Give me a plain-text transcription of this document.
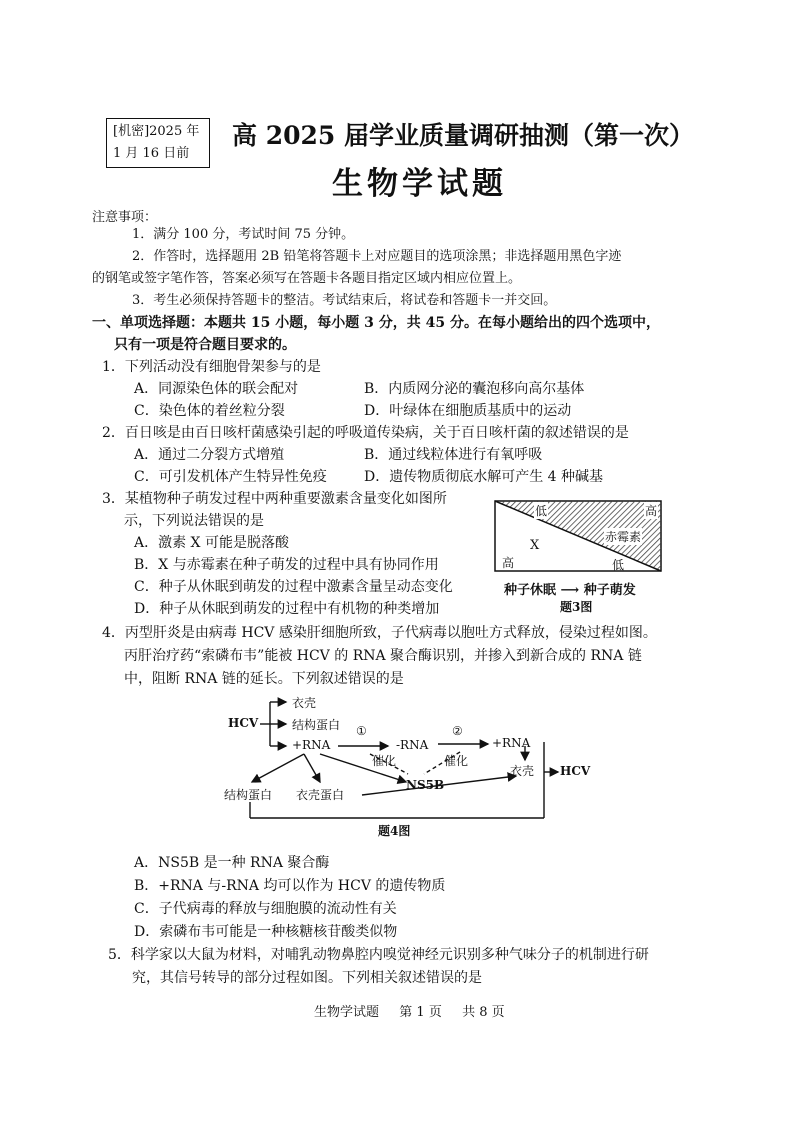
[机密]2025 年
1 月 16 日前
高 2025 届学业质量调研抽测（第一次）
生物学试题
注意事项：
1．满分 100 分，考试时间 75 分钟。
2．作答时，选择题用 2B 铅笔将答题卡上对应题目的选项涂黑；非选择题用黑色字迹
的钢笔或签字笔作答，答案必须写在答题卡各题目指定区域内相应位置上。
3．考生必须保持答题卡的整洁。考试结束后，将试卷和答题卡一并交回。
一、单项选择题：本题共 15 小题，每小题 3 分，共 45 分。在每小题给出的四个选项中，
只有一项是符合题目要求的。
1．下列活动没有细胞骨架参与的是
A．同源染色体的联会配对	B．内质网分泌的囊泡移向高尔基体
C．染色体的着丝粒分裂	D．叶绿体在细胞质基质中的运动
2．百日咳是由百日咳杆菌感染引起的呼吸道传染病，关于百日咳杆菌的叙述错误的是
A．通过二分裂方式增殖	B．通过线粒体进行有氧呼吸
C．可引发机体产生特异性免疫	D．遗传物质彻底水解可产生 4 种碱基
3．某植物种子萌发过程中两种重要激素含量变化如图所
示，下列说法错误的是
A．激素 X 可能是脱落酸
B．X 与赤霉素在种子萌发的过程中具有协同作用
C．种子从休眠到萌发的过程中激素含量呈动态变化
D．种子从休眠到萌发的过程中有机物的种类增加
低	高
赤霉素
X
高	低
种子休眠 ⟶ 种子萌发
题3图
4．丙型肝炎是由病毒 HCV 感染肝细胞所致，子代病毒以胞吐方式释放，侵染过程如图。
丙肝治疗药“索磷布韦”能被 HCV 的 RNA 聚合酶识别，并掺入到新合成的 RNA 链
中，阻断 RNA 链的延长。下列叙述错误的是
HCV
衣壳
结构蛋白
+RNA
①
-RNA
②
+RNA
催化	催化
NS5B
衣壳 HCV
结构蛋白 衣壳蛋白
题4图
A．NS5B 是一种 RNA 聚合酶
B．+RNA 与-RNA 均可以作为 HCV 的遗传物质
C．子代病毒的释放与细胞膜的流动性有关
D．索磷布韦可能是一种核糖核苷酸类似物
5．科学家以大鼠为材料，对哺乳动物鼻腔内嗅觉神经元识别多种气味分子的机制进行研
究，其信号转导的部分过程如图。下列相关叙述错误的是
生物学试题 第 1 页 共 8 页
